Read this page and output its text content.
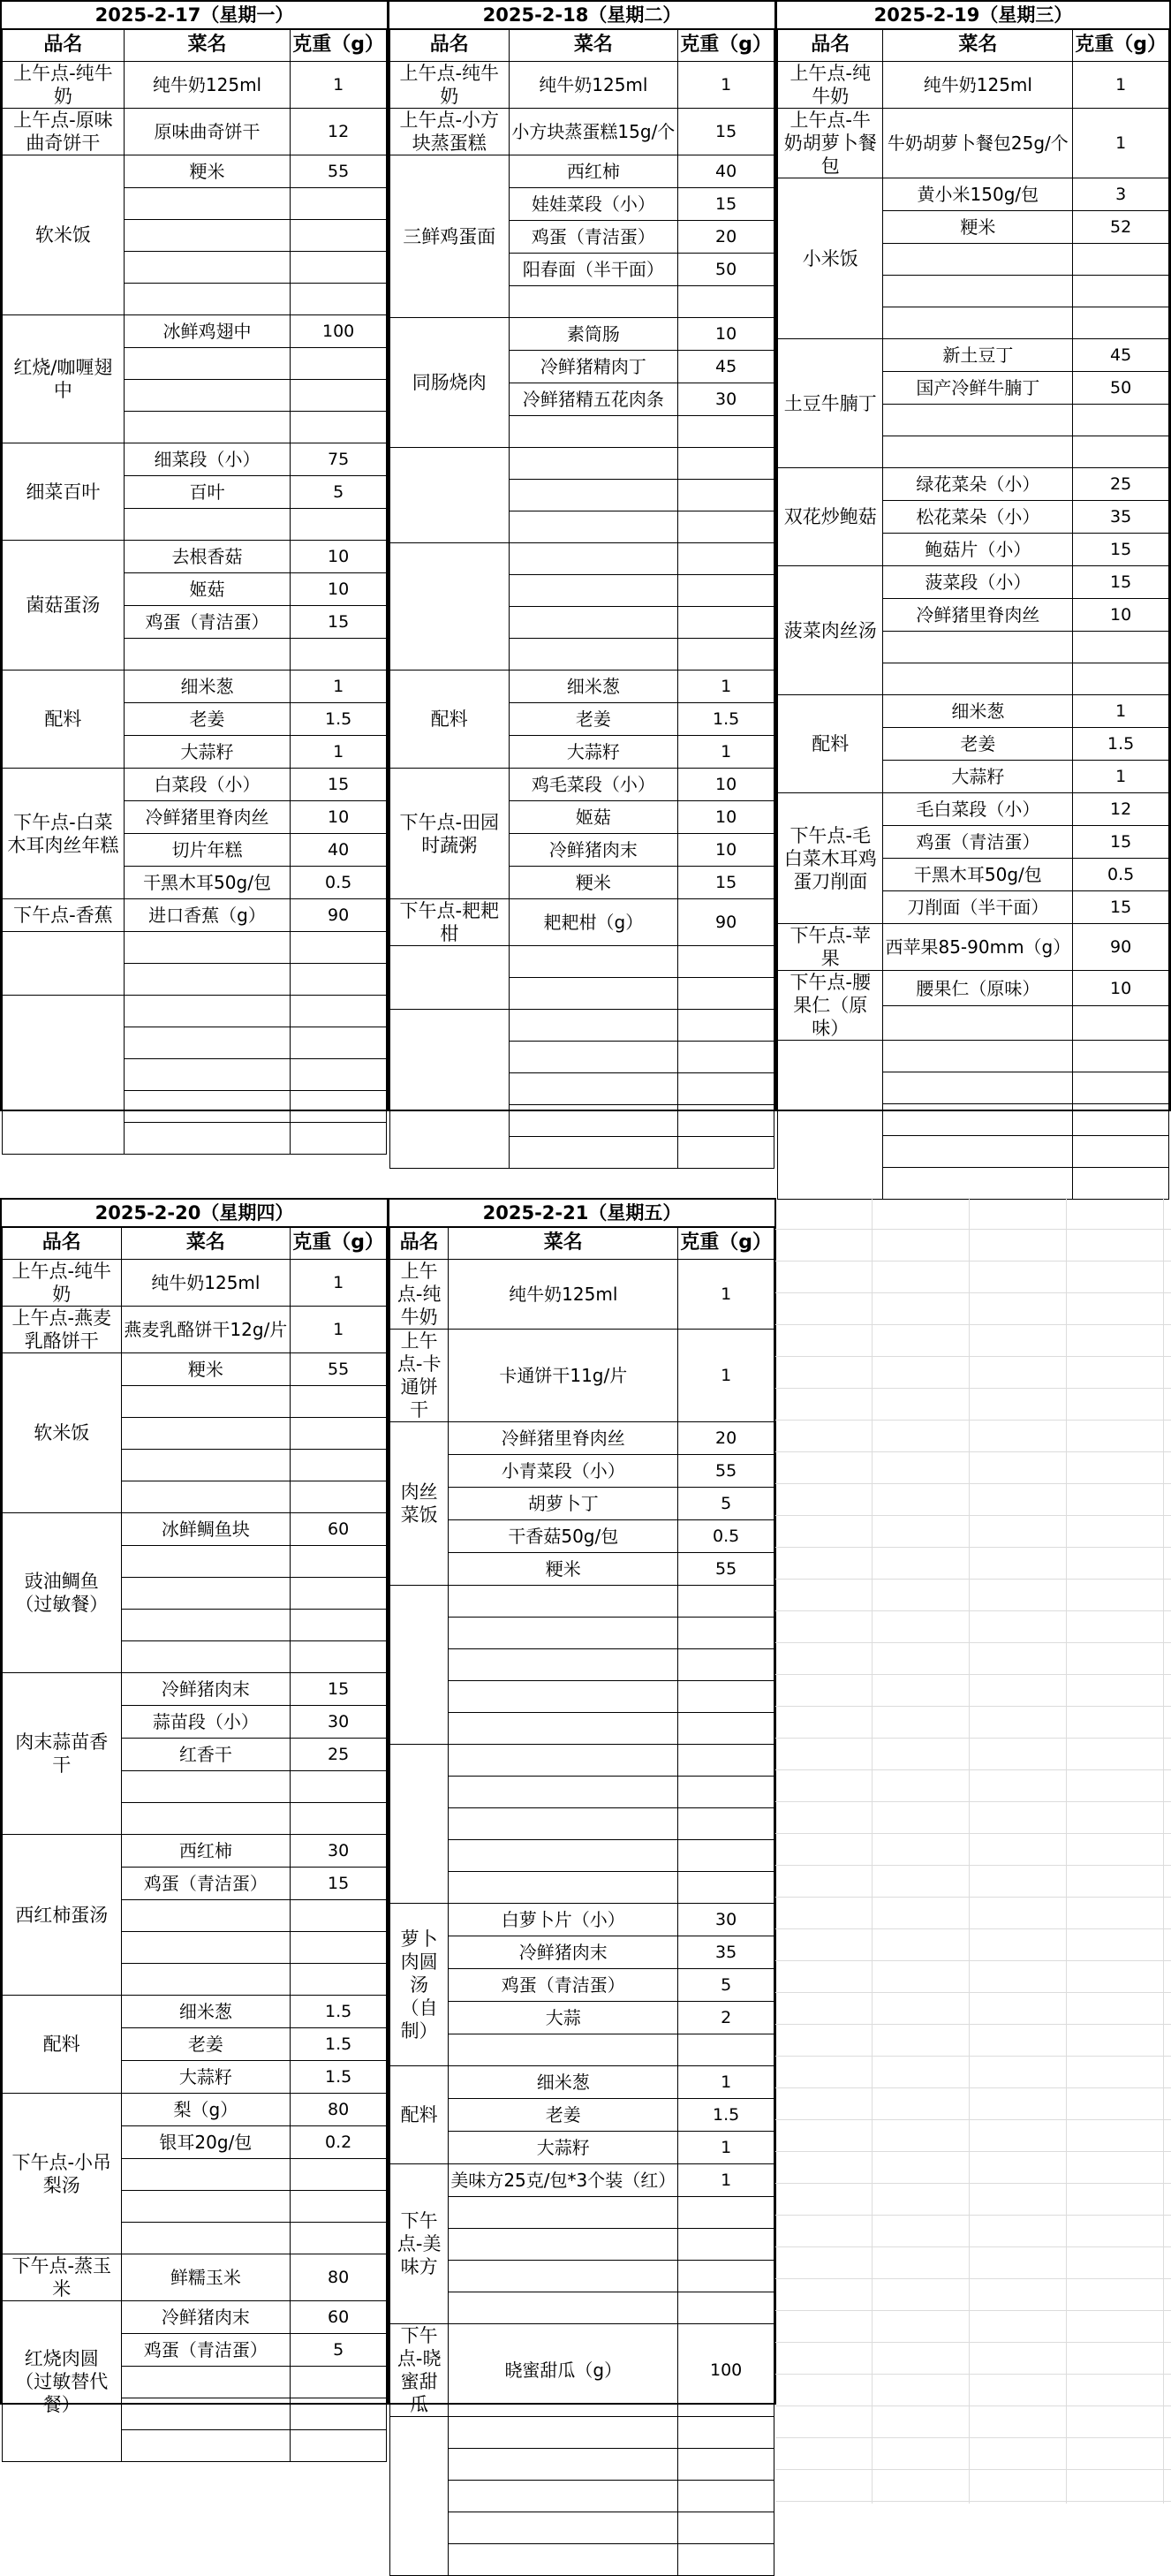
2025-2-17（星期一）
品名	菜名	克重（g）
上午点-纯牛奶	纯牛奶125ml	1
上午点-原味曲奇饼干	原味曲奇饼干	12
软米饭	粳米	55

红烧/咖喱翅中	冰鲜鸡翅中	100

细菜百叶	细菜段（小）	75
	百叶	5

菌菇蛋汤	去根香菇	10
	姬菇	10
	鸡蛋（青洁蛋）	15

配料	细米葱	1
	老姜	1.5
	大蒜籽	1
下午点-白菜木耳肉丝年糕	白菜段（小）	15
	冷鲜猪里脊肉丝	10
	切片年糕	40
	干黑木耳50g/包	0.5
下午点-香蕉	进口香蕉（g）	90

2025-2-18（星期二）
品名	菜名	克重（g）
上午点-纯牛奶	纯牛奶125ml	1
上午点-小方块蒸蛋糕	小方块蒸蛋糕15g/个	15
三鲜鸡蛋面	西红柿	40
	娃娃菜段（小）	15
	鸡蛋（青洁蛋）	20
	阳春面（半干面）	50

同肠烧肉	素筒肠	10
	冷鲜猪精肉丁	45
	冷鲜猪精五花肉条	30

配料	细米葱	1
	老姜	1.5
	大蒜籽	1
下午点-田园时蔬粥	鸡毛菜段（小）	10
	姬菇	10
	冷鲜猪肉末	10
	粳米	15
下午点-耙耙柑	耙耙柑（g）	90

2025-2-19（星期三）
品名	菜名	克重（g）
上午点-纯牛奶	纯牛奶125ml	1
上午点-牛奶胡萝卜餐包	牛奶胡萝卜餐包25g/个	1
小米饭	黄小米150g/包	3
	粳米	52

土豆牛腩丁	新土豆丁	45
	国产冷鲜牛腩丁	50

双花炒鲍菇	绿花菜朵（小）	25
	松花菜朵（小）	35
	鲍菇片（小）	15
菠菜肉丝汤	菠菜段（小）	15
	冷鲜猪里脊肉丝	10

配料	细米葱	1
	老姜	1.5
	大蒜籽	1
下午点-毛白菜木耳鸡蛋刀削面	毛白菜段（小）	12
	鸡蛋（青洁蛋）	15
	干黑木耳50g/包	0.5
	刀削面（半干面）	15
下午点-苹果	西苹果85-90mm（g）	90
下午点-腰果仁（原味）	腰果仁（原味）	10

2025-2-20（星期四）
品名	菜名	克重（g）
上午点-纯牛奶	纯牛奶125ml	1
上午点-燕麦乳酪饼干	燕麦乳酪饼干12g/片	1
软米饭	粳米	55

豉油鲷鱼（过敏餐）	冰鲜鲷鱼块	60

肉末蒜苗香干	冷鲜猪肉末	15
	蒜苗段（小）	30
	红香干	25

西红柿蛋汤	西红柿	30
	鸡蛋（青洁蛋）	15

配料	细米葱	1.5
	老姜	1.5
	大蒜籽	1.5
下午点-小吊梨汤	梨（g）	80
	银耳20g/包	0.2

下午点-蒸玉米	鲜糯玉米	80
红烧肉圆（过敏替代餐）	冷鲜猪肉末	60
	鸡蛋（青洁蛋）	5

2025-2-21（星期五）
品名	菜名	克重（g）
上午点-纯牛奶	纯牛奶125ml	1
上午点-卡通饼干	卡通饼干11g/片	1
肉丝菜饭	冷鲜猪里脊肉丝	20
	小青菜段（小）	55
	胡萝卜丁	5
	干香菇50g/包	0.5
	粳米	55

萝卜肉圆汤（自制）	白萝卜片（小）	30
	冷鲜猪肉末	35
	鸡蛋（青洁蛋）	5
	大蒜	2

配料	细米葱	1
	老姜	1.5
	大蒜籽	1
下午点-美味方	美味方25克/包*3个装（红）	1

下午点-晓蜜甜瓜	晓蜜甜瓜（g）	100
